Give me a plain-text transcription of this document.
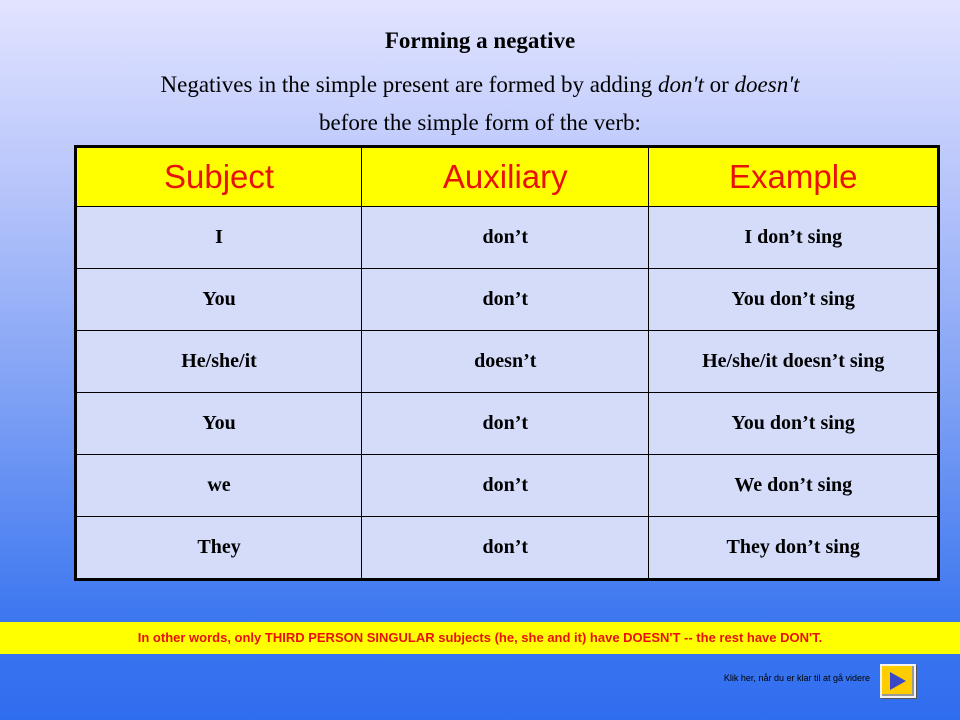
Forming a negative
Negatives in the simple present are formed by adding don't or doesn't
before the simple form of the verb:
Subject	Auxiliary	Example
I	don’t	I don’t sing
You	don’t	You don’t sing
He/she/it	doesn’t	He/she/it doesn’t sing
You	don’t	You don’t sing
we	don’t	We don’t sing
They	don’t	They don’t sing
In other words, only THIRD PERSON SINGULAR subjects (he, she and it) have DOESN'T -- the rest have DON'T.
Klik her, når du er klar til at gå videre
